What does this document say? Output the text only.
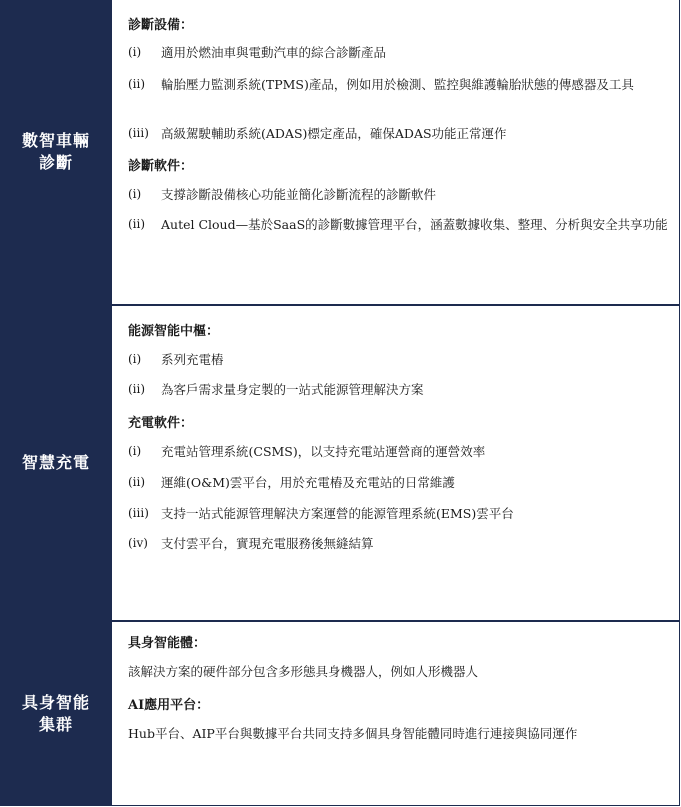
數智車輛診斷
診斷設備：
(i)	適用於燃油車與電動汽車的綜合診斷產品
(ii)	輪胎壓力監測系統(TPMS)產品，例如用於檢測、監控與維護輪胎狀態的傳感器及工具
(iii) 高級駕駛輔助系統(ADAS)標定產品，確保ADAS功能正常運作
診斷軟件：
(i)	支撐診斷設備核心功能並簡化診斷流程的診斷軟件
(ii)	Autel Cloud—基於SaaS的診斷數據管理平台，涵蓋數據收集、整理、分析與安全共享功能
智慧充電
能源智能中樞：
(i)	系列充電樁
(ii)	為客戶需求量身定製的一站式能源管理解決方案
充電軟件：
(i)	充電站管理系統(CSMS)，以支持充電站運營商的運營效率
(ii)	運維(O&M)雲平台，用於充電樁及充電站的日常維護
(iii) 支持一站式能源管理解決方案運營的能源管理系統(EMS)雲平台
(iv)	支付雲平台，實現充電服務後無縫結算
具身智能集群
具身智能體：
該解決方案的硬件部分包含多形態具身機器人，例如人形機器人
AI應用平台：
Hub平台、AIP平台與數據平台共同支持多個具身智能體同時進行連接與協同運作
